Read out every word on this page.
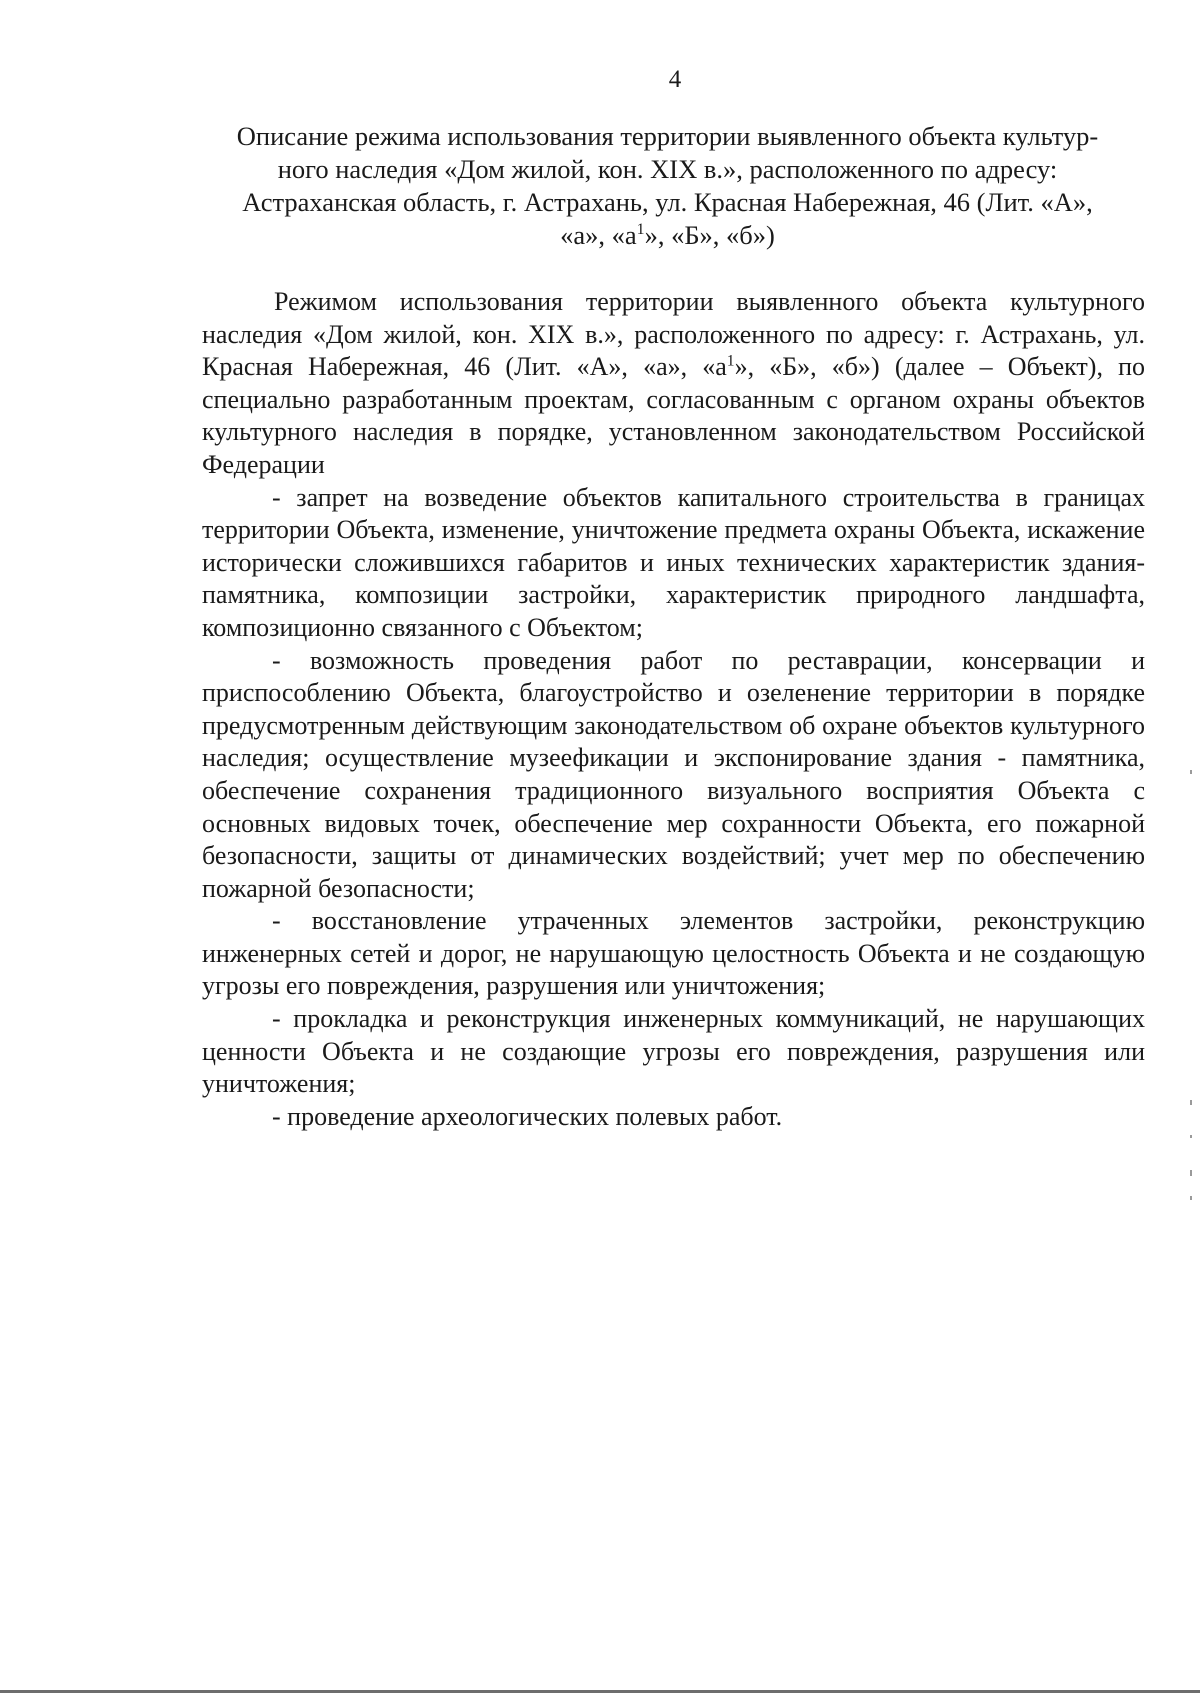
4
Описание режима использования территории выявленного объекта культур-
ного наследия «Дом жилой, кон. XIX в.», расположенного по адресу:
Астраханская область, г. Астрахань, ул. Красная Набережная, 46 (Лит. «А»,
«а», «$а^1$», «Б», «б»)

Режимом использования территории выявленного объекта культурного наследия «Дом жилой, кон. XIX в.», расположенного по адресу: г. Астрахань, ул. Красная Набережная, 46 (Лит. «А», «а», «$а^1$», «Б», «б») (далее – Объект), по специально разработанным проектам, согласованным с органом охраны объектов культурного наследия в порядке, установленном законодательством Российской Федерации

- запрет на возведение объектов капитального строительства в границах территории Объекта, изменение, уничтожение предмета охраны Объекта, искажение исторически сложившихся габаритов и иных технических характеристик здания-памятника, композиции застройки, характеристик природного ландшафта, композиционно связанного с Объектом;

- возможность проведения работ по реставрации, консервации и приспособлению Объекта, благоустройство и озеленение территории в порядке предусмотренным действующим законодательством об охране объектов культурного наследия; осуществление музеефикации и экспонирование здания - памятника, обеспечение сохранения традиционного визуального восприятия Объекта с основных видовых точек, обеспечение мер сохранности Объекта, его пожарной безопасности, защиты от динамических воздействий; учет мер по обеспечению пожарной безопасности;

- восстановление утраченных элементов застройки, реконструкцию инженерных сетей и дорог, не нарушающую целостность Объекта и не создающую угрозы его повреждения, разрушения или уничтожения;

- прокладка и реконструкция инженерных коммуникаций, не нарушающих ценности Объекта и не создающие угрозы его повреждения, разрушения или уничтожения;

- проведение археологических полевых работ.
